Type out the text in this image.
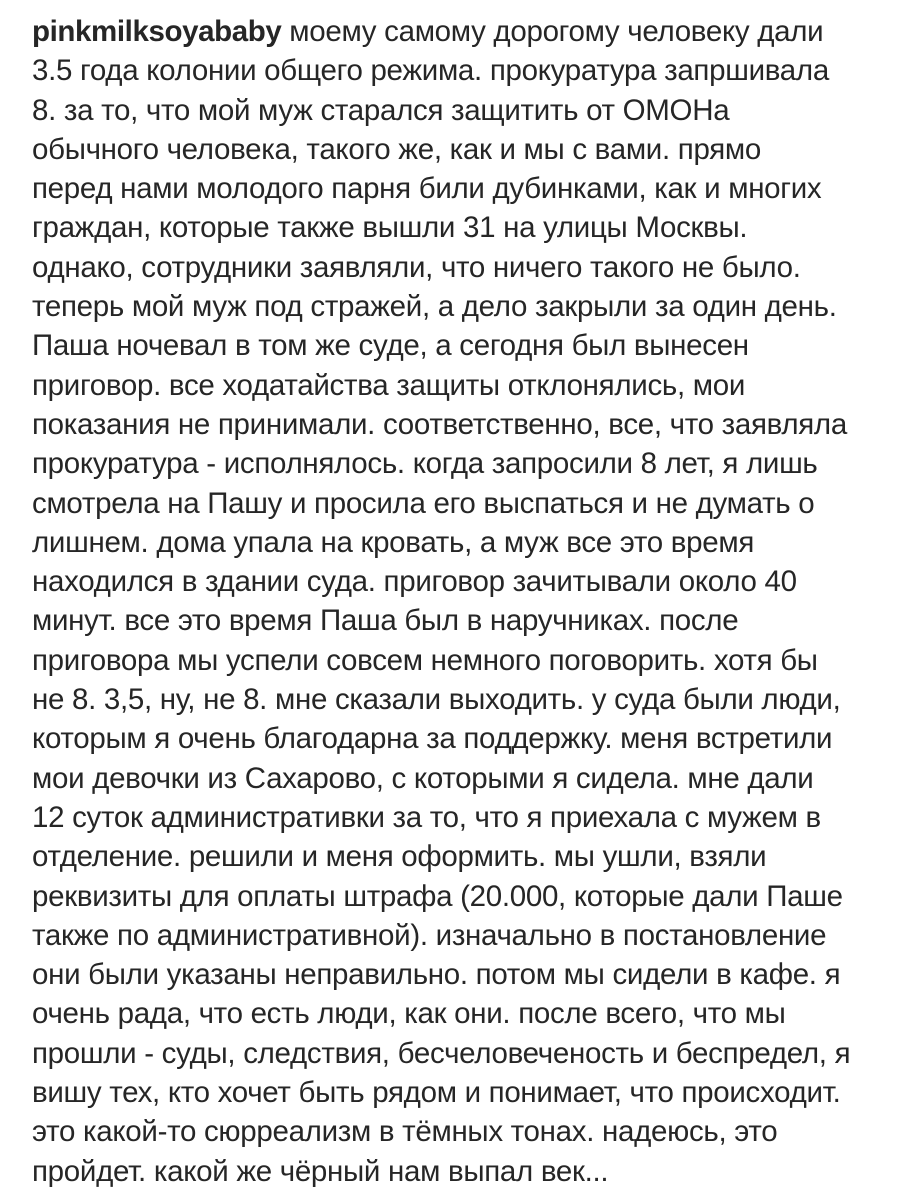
pinkmilksoyababy моему самому дорогому человеку дали
3.5 года колонии общего режима. прокуратура запршивала
8. за то, что мой муж старался защитить от ОМОНа
обычного человека, такого же, как и мы с вами. прямо
перед нами молодого парня били дубинками, как и многих
граждан, которые также вышли 31 на улицы Москвы.
однако, сотрудники заявляли, что ничего такого не было.
теперь мой муж под стражей, а дело закрыли за один день.
Паша ночевал в том же суде, а сегодня был вынесен
приговор. все ходатайства защиты отклонялись, мои
показания не принимали. соответственно, все, что заявляла
прокуратура - исполнялось. когда запросили 8 лет, я лишь
смотрела на Пашу и просила его выспаться и не думать о
лишнем. дома упала на кровать, а муж все это время
находился в здании суда. приговор зачитывали около 40
минут. все это время Паша был в наручниках. после
приговора мы успели совсем немного поговорить. хотя бы
не 8. 3,5, ну, не 8. мне сказали выходить. у суда были люди,
которым я очень благодарна за поддержку. меня встретили
мои девочки из Сахарово, с которыми я сидела. мне дали
12 суток административки за то, что я приехала с мужем в
отделение. решили и меня оформить. мы ушли, взяли
реквизиты для оплаты штрафа (20.000, которые дали Паше
также по административной). изначально в постановление
они были указаны неправильно. потом мы сидели в кафе. я
очень рада, что есть люди, как они. после всего, что мы
прошли - суды, следствия, бесчеловеченость и беспредел, я
вишу тех, кто хочет быть рядом и понимает, что происходит.
это какой-то сюрреализм в тёмных тонах. надеюсь, это
пройдет. какой же чёрный нам выпал век...
